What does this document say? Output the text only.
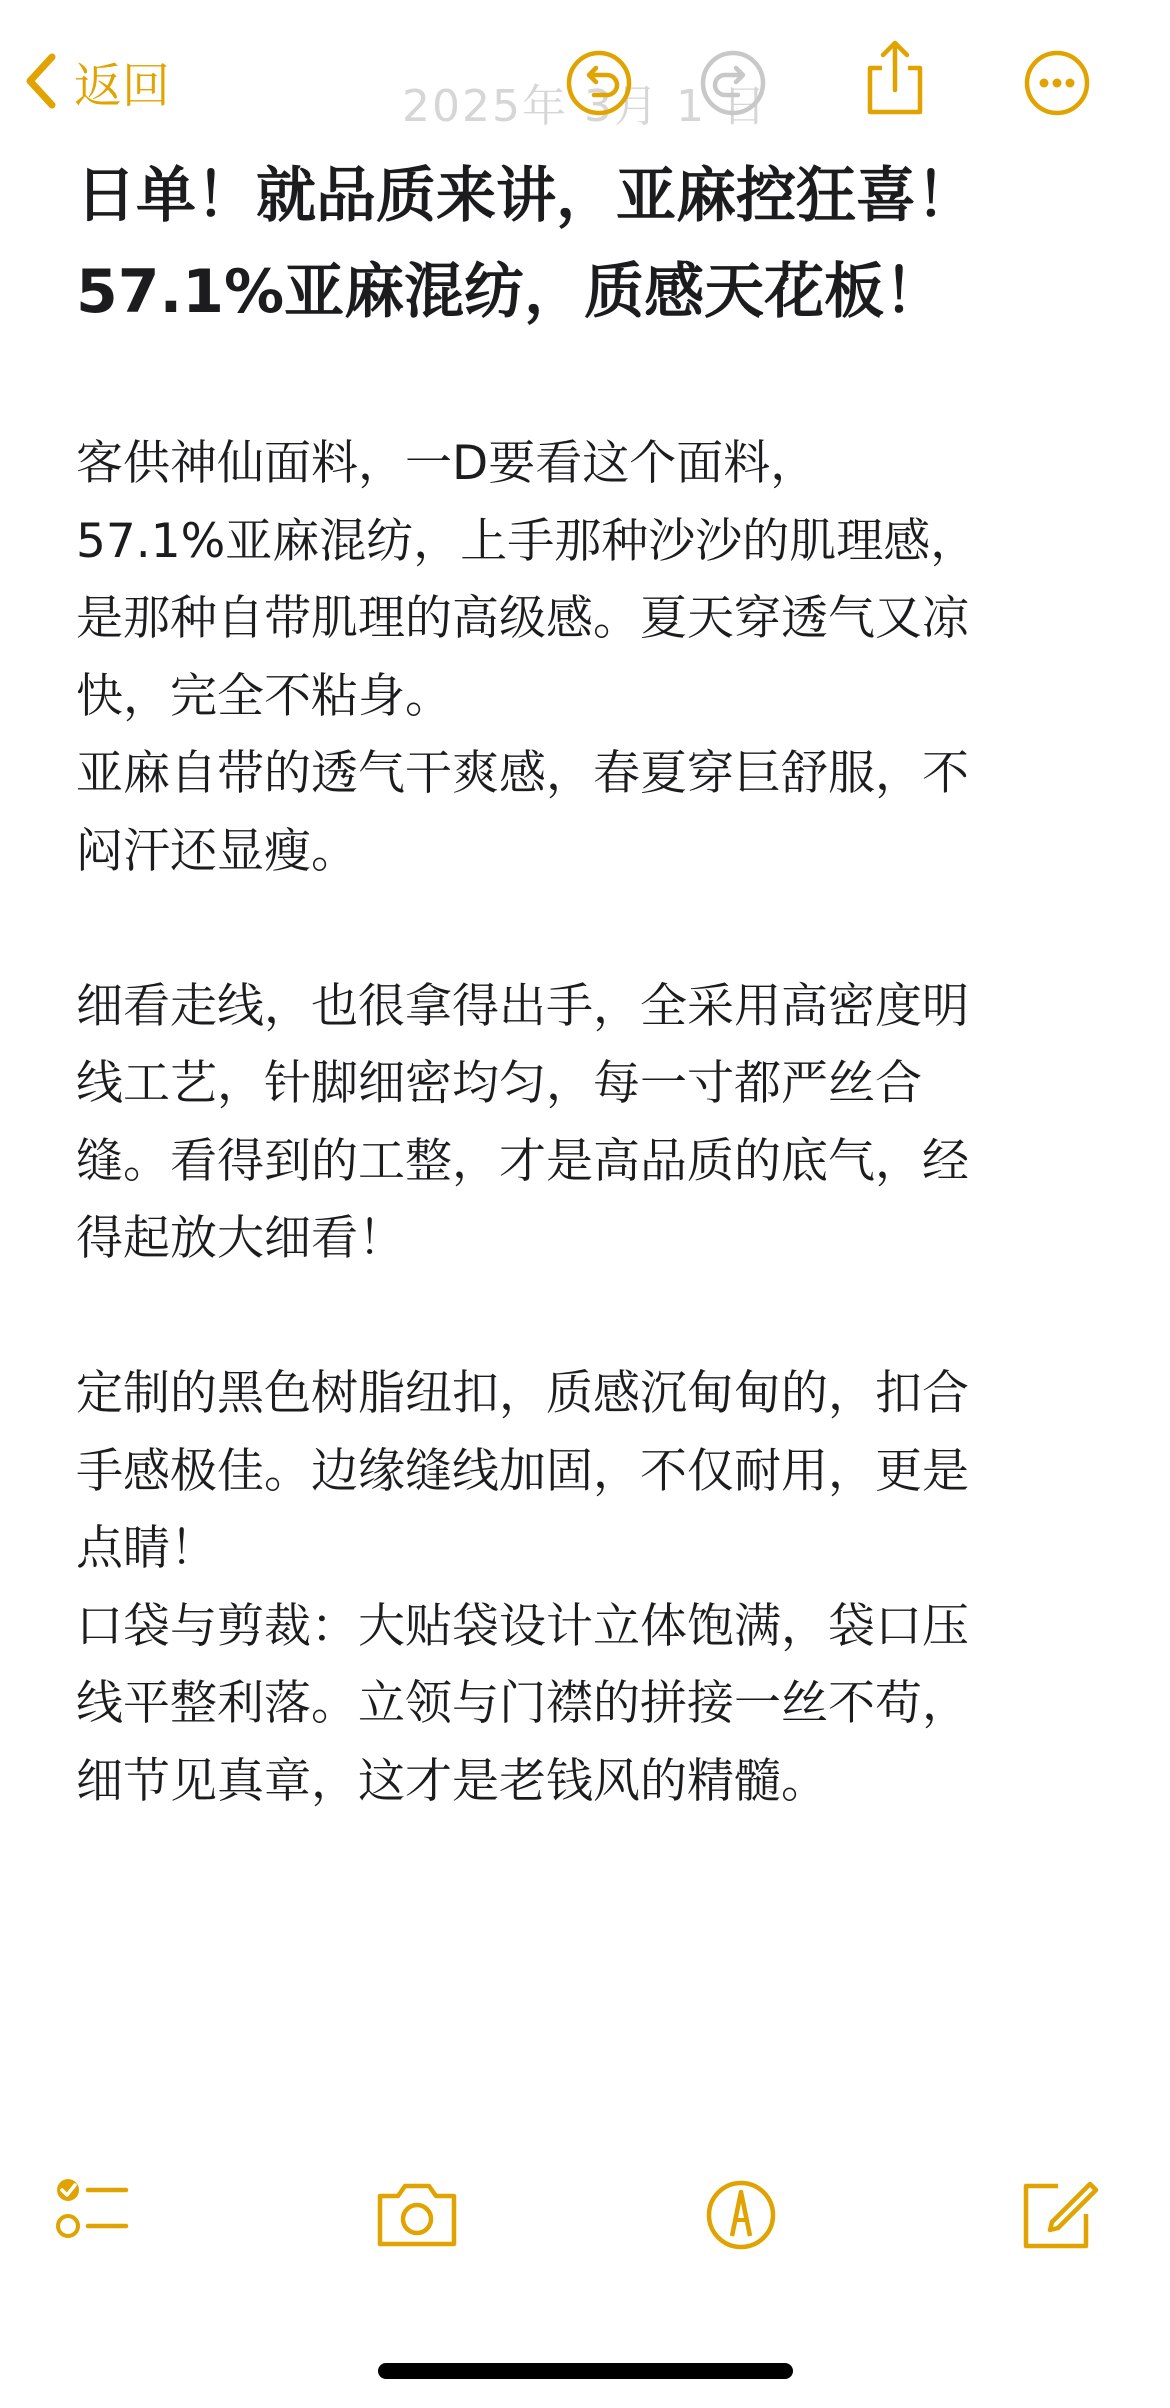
2025年 3月 1 日
返回
日单！就品质来讲，亚麻控狂喜！
57.1%亚麻混纺，质感天花板！
客供神仙面料，一D要看这个面料，
57.1%亚麻混纺，上手那种沙沙的肌理感，
是那种自带肌理的高级感。夏天穿透气又凉
快，完全不粘身。
亚麻自带的透气干爽感，春夏穿巨舒服，不
闷汗还显瘦。

细看走线，也很拿得出手，全采用高密度明
线工艺，针脚细密均匀，每一寸都严丝合
缝。看得到的工整，才是高品质的底气，经
得起放大细看！

定制的黑色树脂纽扣，质感沉甸甸的，扣合
手感极佳。边缘缝线加固，不仅耐用，更是
点睛！
口袋与剪裁：大贴袋设计立体饱满，袋口压
线平整利落。立领与门襟的拼接一丝不苟，
细节见真章，这才是老钱风的精髓。
